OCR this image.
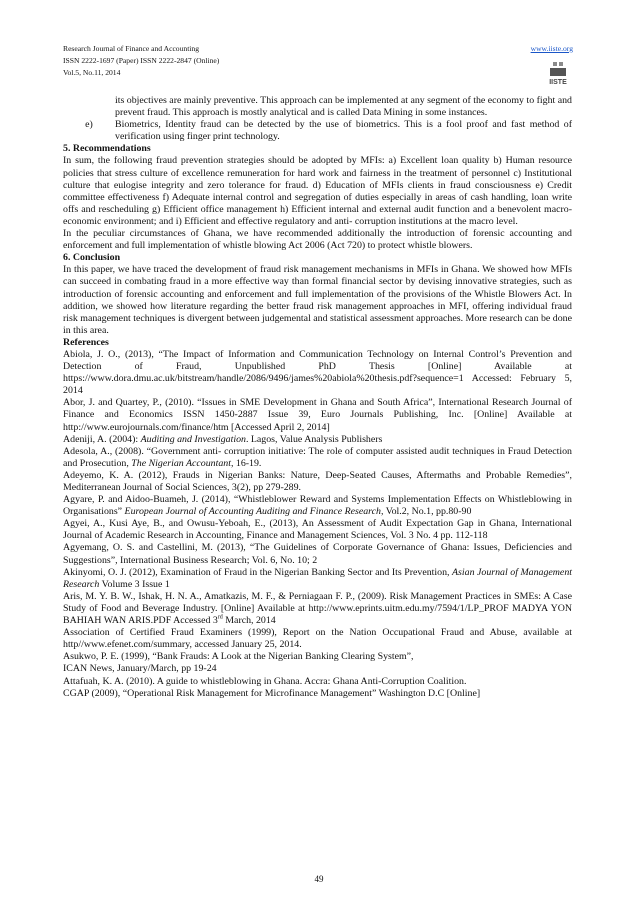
Research Journal of Finance and Accounting
ISSN 2222-1697 (Paper) ISSN 2222-2847 (Online)
Vol.5, No.11, 2014
www.iiste.org
IISTE

its objectives are mainly preventive. This approach can be implemented at any segment of the economy to fight and prevent fraud. This approach is mostly analytical and is called Data Mining in some instances.

e)	Biometrics, Identity fraud can be detected by the use of biometrics. This is a fool proof and fast method of verification using finger print technology.

5. Recommendations

In sum, the following fraud prevention strategies should be adopted by MFIs: a) Excellent loan quality b) Human resource policies that stress culture of excellence remuneration for hard work and fairness in the treatment of personnel c) Institutional culture that eulogise integrity and zero tolerance for fraud. d) Education of MFIs clients in fraud consciousness e) Credit committee effectiveness f) Adequate internal control and segregation of duties especially in areas of cash handling, loan write offs and rescheduling g) Efficient office management h) Efficient internal and external audit function and a benevolent macro- economic environment; and i) Efficient and effective regulatory and anti- corruption institutions at the macro level.

In the peculiar circumstances of Ghana, we have recommended additionally the introduction of forensic accounting and enforcement and full implementation of whistle blowing Act 2006 (Act 720) to protect whistle blowers.

6. Conclusion

In this paper, we have traced the development of fraud risk management mechanisms in MFIs in Ghana. We showed how MFIs can succeed in combating fraud in a more effective way than formal financial sector by devising innovative strategies, such as introduction of forensic accounting and enforcement and full implementation of the provisions of the Whistle Blowers Act. In addition, we showed how literature regarding the better fraud risk management approaches in MFI, offering individual fraud risk management techniques is divergent between judgemental and statistical assessment approaches. More research can be done in this area.

References

Abiola, J. O., (2013), “The Impact of Information and Communication Technology on Internal Control’s Prevention and Detection of Fraud, Unpublished PhD Thesis [Online] Available at https://www.dora.dmu.ac.uk/bitstream/handle/2086/9496/james%20abiola%20thesis.pdf?sequence=1 Accessed: February 5, 2014

Abor, J. and Quartey, P., (2010). “Issues in SME Development in Ghana and South Africa”, International Research Journal of Finance and Economics ISSN 1450-2887 Issue 39, Euro Journals Publishing, Inc. [Online] Available at http://www.eurojournals.com/finance/htm [Accessed April 2, 2014]

Adeniji, A. (2004): Auditing and Investigation. Lagos, Value Analysis Publishers

Adesola, A., (2008). “Government anti- corruption initiative: The role of computer assisted audit techniques in Fraud Detection and Prosecution, The Nigerian Accountant, 16-19.

Adeyemo, K. A. (2012), Frauds in Nigerian Banks: Nature, Deep-Seated Causes, Aftermaths and Probable Remedies”, Mediterranean Journal of Social Sciences, 3(2), pp 279-289.

Agyare, P. and Aidoo-Buameh, J. (2014), “Whistleblower Reward and Systems Implementation Effects on Whistleblowing in Organisations” European Journal of Accounting Auditing and Finance Research, Vol.2, No.1, pp.80-90

Agyei, A., Kusi Aye, B., and Owusu-Yeboah, E., (2013), An Assessment of Audit Expectation Gap in Ghana, International Journal of Academic Research in Accounting, Finance and Management Sciences, Vol. 3 No. 4 pp. 112-118

Agyemang, O. S. and Castellini, M. (2013), “The Guidelines of Corporate Governance of Ghana: Issues, Deficiencies and Suggestions”, International Business Research; Vol. 6, No. 10; 2

Akinyomi, O. J. (2012), Examination of Fraud in the Nigerian Banking Sector and Its Prevention, Asian Journal of Management Research Volume 3 Issue 1

Aris, M. Y. B. W., Ishak, H. N. A., Amatkazis, M. F., & Perniagaan F. P., (2009). Risk Management Practices in SMEs: A Case Study of Food and Beverage Industry. [Online] Available at http://www.eprints.uitm.edu.my/7594/1/LP_PROF MADYA YON BAHIAH WAN ARIS.PDF Accessed 3rd March, 2014

Association of Certified Fraud Examiners (1999), Report on the Nation Occupational Fraud and Abuse, available at http//www.efenet.com/summary, accessed January 25, 2014.

Asukwo, P. E. (1999), “Bank Frauds: A Look at the Nigerian Banking Clearing System”,

ICAN News, January/March, pp 19-24

Attafuah, K. A. (2010). A guide to whistleblowing in Ghana. Accra: Ghana Anti-Corruption Coalition.

CGAP (2009), “Operational Risk Management for Microfinance Management” Washington D.C [Online]

49
